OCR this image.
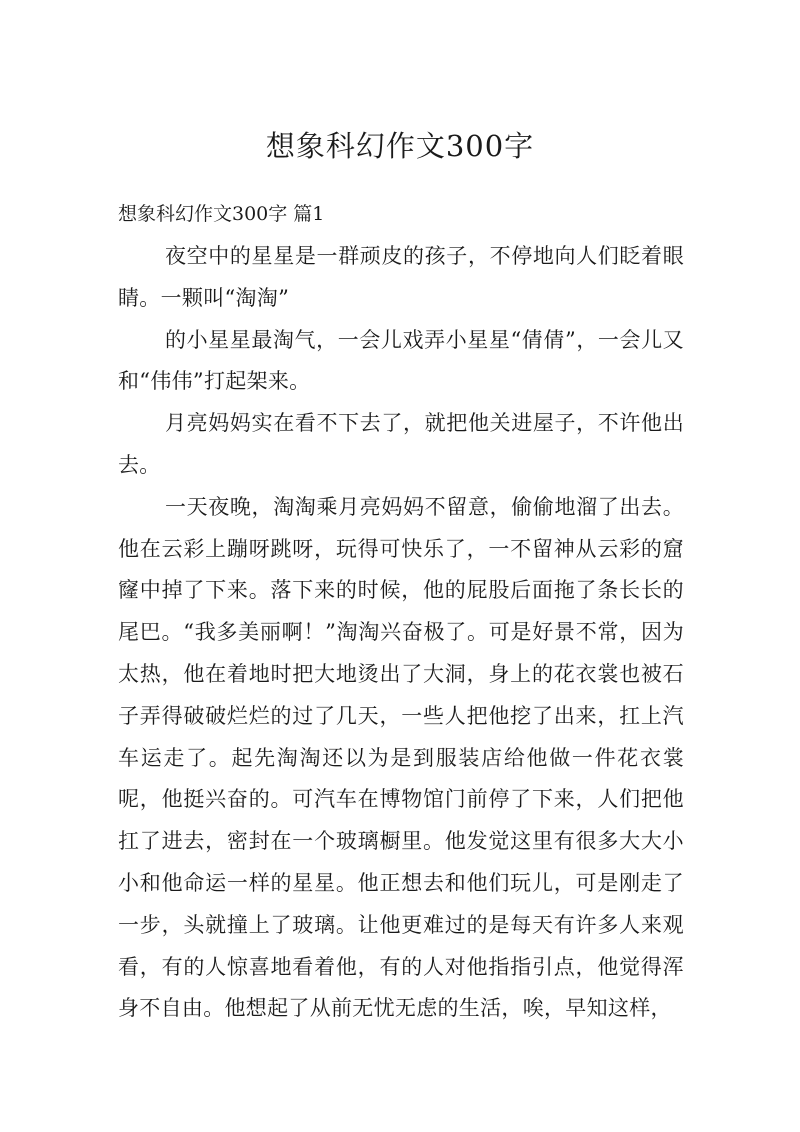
想象科幻作文300字
想象科幻作文300字 篇1

夜空中的星星是一群顽皮的孩子，不停地向人们眨着眼睛。一颗叫“淘淘”

的小星星最淘气，一会儿戏弄小星星“倩倩”，一会儿又和“伟伟”打起架来。

月亮妈妈实在看不下去了，就把他关进屋子，不许他出去。

一天夜晚，淘淘乘月亮妈妈不留意，偷偷地溜了出去。他在云彩上蹦呀跳呀，玩得可快乐了，一不留神从云彩的窟窿中掉了下来。落下来的时候，他的屁股后面拖了条长长的尾巴。“我多美丽啊！”淘淘兴奋极了。可是好景不常，因为太热，他在着地时把大地烫出了大洞，身上的花衣裳也被石子弄得破破烂烂的过了几天，一些人把他挖了出来，扛上汽车运走了。起先淘淘还以为是到服装店给他做一件花衣裳呢，他挺兴奋的。可汽车在博物馆门前停了下来，人们把他扛了进去，密封在一个玻璃橱里。他发觉这里有很多大大小小和他命运一样的星星。他正想去和他们玩儿，可是刚走了一步，头就撞上了玻璃。让他更难过的是每天有许多人来观看，有的人惊喜地看着他，有的人对他指指引点，他觉得浑身不自由。他想起了从前无忧无虑的生活，唉，早知这样，
